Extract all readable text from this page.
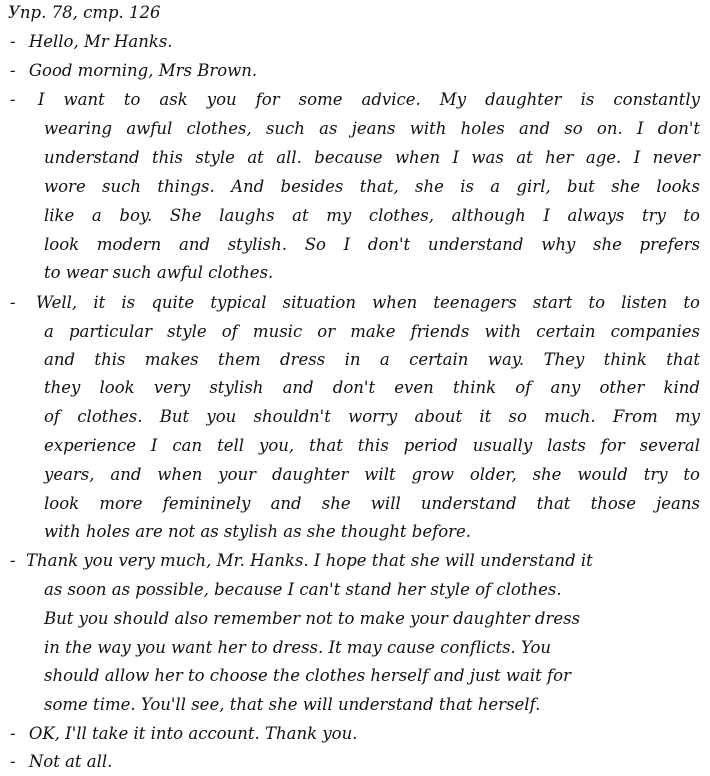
Упр. 78, стр. 126
- Hello, Mr Hanks.
- Good morning, Mrs Brown.
- I want to ask you for some advice. My daughter is constantly
wearing awful clothes, such as jeans with holes and so on. I don't
understand this style at all. because when I was at her age. I never
wore such things. And besides that, she is a girl, but she looks
like a boy. She laughs at my clothes, although I always try to
look modern and stylish. So I don't understand why she prefers
to wear such awful clothes.
- Well, it is quite typical situation when teenagers start to listen to
a particular style of music or make friends with certain companies
and this makes them dress in a certain way. They think that
they look very stylish and don't even think of any other kind
of clothes. But you shouldn't worry about it so much. From my
experience I can tell you, that this period usually lasts for several
years, and when your daughter wilt grow older, she would try to
look more femininely and she will understand that those jeans
with holes are not as stylish as she thought before.
- Thank you very much, Mr. Hanks. I hope that she will understand it
as soon as possible, because I can't stand her style of clothes.
But you should also remember not to make your daughter dress
in the way you want her to dress. It may cause conflicts. You
should allow her to choose the clothes herself and just wait for
some time. You'll see, that she will understand that herself.
- OK, I'll take it into account. Thank you.
- Not at all.
